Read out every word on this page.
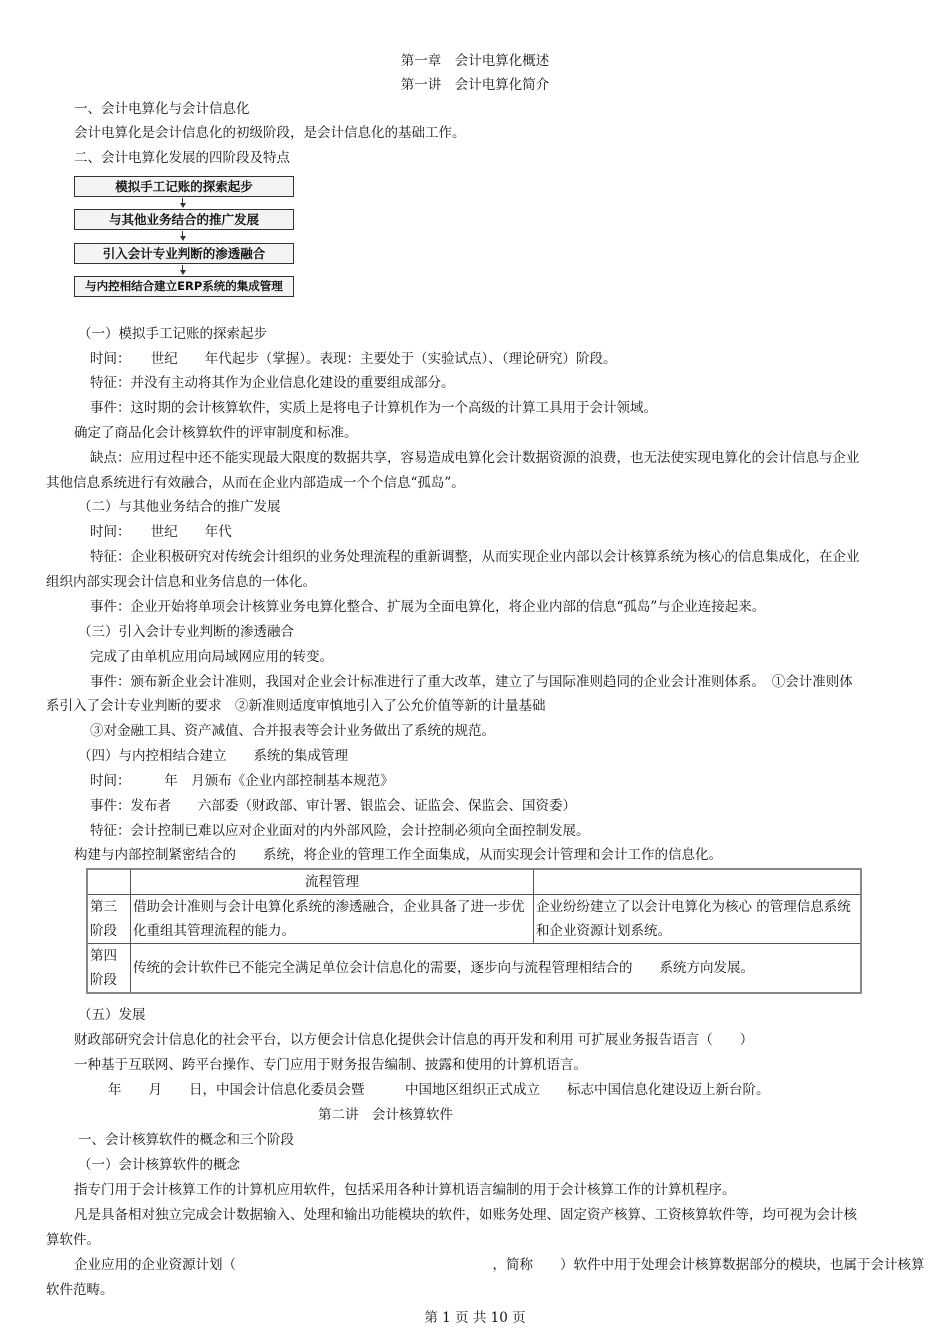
第一章　会计电算化概述
第一讲　会计电算化简介
一、会计电算化与会计信息化
会计电算化是会计信息化的初级阶段，是会计信息化的基础工作。
二、会计电算化发展的四阶段及特点
模拟手工记账的探索起步
与其他业务结合的推广发展
引入会计专业判断的渗透融合
与内控相结合建立ERP系统的集成管理
（一）模拟手工记账的探索起步
时间：　　世纪　　年代起步（掌握）。表现：主要处于（实验试点）、（理论研究）阶段。
特征：并没有主动将其作为企业信息化建设的重要组成部分。
事件：这时期的会计核算软件，实质上是将电子计算机作为一个高级的计算工具用于会计领域。
确定了商品化会计核算软件的评审制度和标准。
缺点：应用过程中还不能实现最大限度的数据共享，容易造成电算化会计数据资源的浪费，也无法使实现电算化的会计信息与企业
其他信息系统进行有效融合，从而在企业内部造成一个个信息“孤岛”。
（二）与其他业务结合的推广发展
时间：　　世纪　　年代
特征：企业积极研究对传统会计组织的业务处理流程的重新调整，从而实现企业内部以会计核算系统为核心的信息集成化，在企业
组织内部实现会计信息和业务信息的一体化。
事件：企业开始将单项会计核算业务电算化整合、扩展为全面电算化，将企业内部的信息“孤岛”与企业连接起来。
（三）引入会计专业判断的渗透融合
完成了由单机应用向局域网应用的转变。
事件：颁布新企业会计准则，我国对企业会计标准进行了重大改革，建立了与国际准则趋同的企业会计准则体系。　①会计准则体
系引入了会计专业判断的要求　②新准则适度审慎地引入了公允价值等新的计量基础
③对金融工具、资产减值、合并报表等会计业务做出了系统的规范。
（四）与内控相结合建立　　系统的集成管理
时间：　　　年　月颁布《企业内部控制基本规范》
事件：发布者　　六部委（财政部、审计署、银监会、证监会、保监会、国资委）
特征：会计控制已难以应对企业面对的内外部风险，会计控制必须向全面控制发展。
构建与内部控制紧密结合的　　系统，将企业的管理工作全面集成，从而实现会计管理和会计工作的信息化。
	流程管理	
第三阶段	借助会计准则与会计电算化系统的渗透融合，企业具备了进一步优化重组其管理流程的能力。	企业纷纷建立了以会计电算化为核心 的管理信息系统和企业资源计划系统。
第四阶段	传统的会计软件已不能完全满足单位会计信息化的需要，逐步向与流程管理相结合的　　系统方向发展。	
（五）发展
财政部研究会计信息化的社会平台，以方便会计信息化提供会计信息的再开发和利用 可扩展业务报告语言（　　）
一种基于互联网、跨平台操作、专门应用于财务报告编制、披露和使用的计算机语言。
年　　月　　日，中国会计信息化委员会暨　　　中国地区组织正式成立　　标志中国信息化建设迈上新台阶。
第二讲　会计核算软件
一、会计核算软件的概念和三个阶段
（一）会计核算软件的概念
指专门用于会计核算工作的计算机应用软件，包括采用各种计算机语言编制的用于会计核算工作的计算机程序。
凡是具备相对独立完成会计数据输入、处理和输出功能模块的软件，如账务处理、固定资产核算、工资核算软件等，均可视为会计核
算软件。
企业应用的企业资源计划（　　　　　　　　　　　　　　　　　　　，简称　　）软件中用于处理会计核算数据部分的模块，也属于会计核算
软件范畴。
第 1 页 共 10 页
